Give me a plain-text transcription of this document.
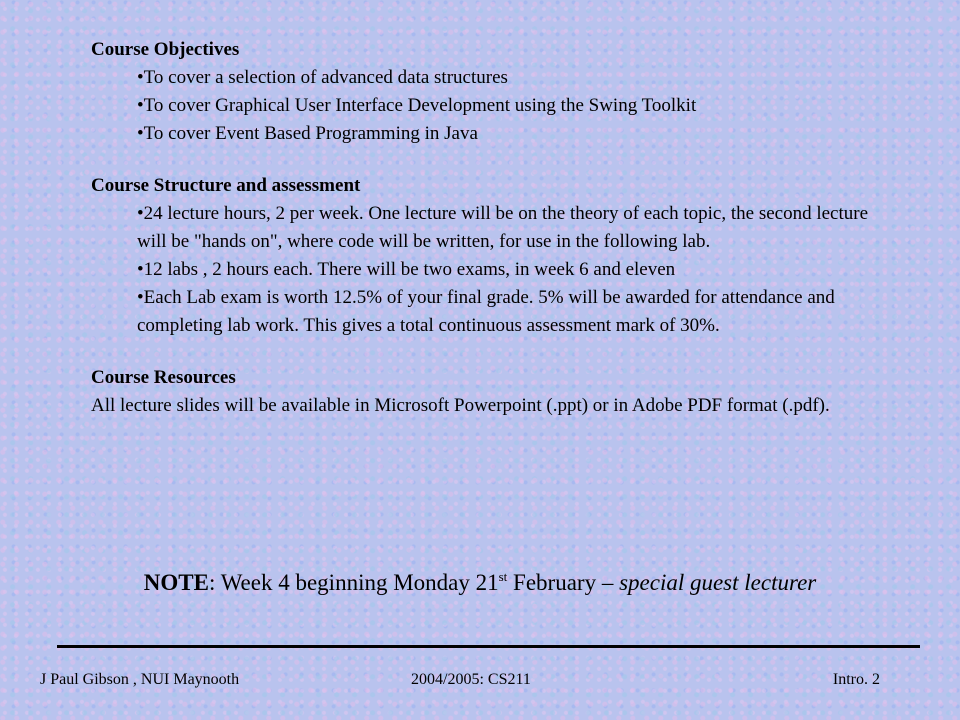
Course Objectives
•To cover a selection of advanced data structures
•To cover Graphical User Interface Development using the Swing Toolkit
•To cover Event Based Programming in Java
Course Structure and assessment
•24 lecture hours, 2 per week. One lecture will be on the theory of each topic, the second lecture will be "hands on", where code will be written, for use in the following lab.
•12 labs , 2 hours each. There will be two exams, in week 6 and eleven
•Each Lab exam is worth 12.5% of your final grade. 5% will be awarded for attendance and completing lab work. This gives a total continuous assessment mark of 30%.
Course Resources
All lecture slides will be available in Microsoft Powerpoint (.ppt) or in Adobe PDF format (.pdf).
NOTE: Week 4 beginning Monday 21st February – special guest lecturer
J Paul Gibson , NUI Maynooth	2004/2005: CS211	Intro. 2
